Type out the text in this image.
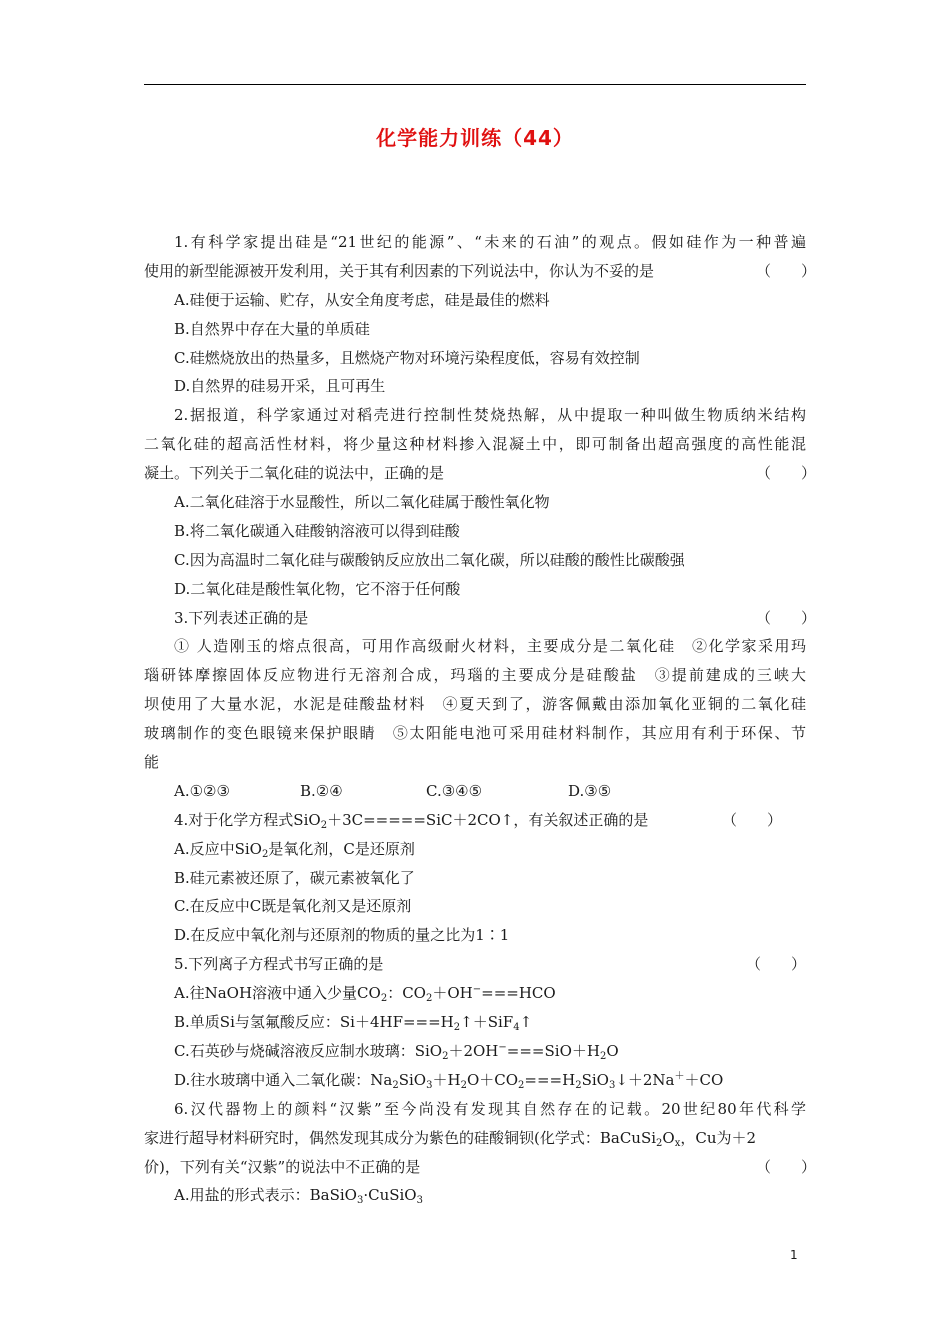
化学能力训练（44）
1.有科学家提出硅是“21世纪的能源”、“未来的石油”的观点。假如硅作为一种普遍
使用的新型能源被开发利用，关于其有利因素的下列说法中，你认为不妥的是	（　　）
A.硅便于运输、贮存，从安全角度考虑，硅是最佳的燃料
B.自然界中存在大量的单质硅
C.硅燃烧放出的热量多，且燃烧产物对环境污染程度低，容易有效控制
D.自然界的硅易开采，且可再生
2.据报道，科学家通过对稻壳进行控制性焚烧热解，从中提取一种叫做生物质纳米结构
二氧化硅的超高活性材料，将少量这种材料掺入混凝土中，即可制备出超高强度的高性能混
凝土。下列关于二氧化硅的说法中，正确的是	（　　）
A.二氧化硅溶于水显酸性，所以二氧化硅属于酸性氧化物
B.将二氧化碳通入硅酸钠溶液可以得到硅酸
C.因为高温时二氧化硅与碳酸钠反应放出二氧化碳，所以硅酸的酸性比碳酸强
D.二氧化硅是酸性氧化物，它不溶于任何酸
3.下列表述正确的是	（　　）
① 人造刚玉的熔点很高，可用作高级耐火材料，主要成分是二氧化硅　②化学家采用玛
瑙研钵摩擦固体反应物进行无溶剂合成，玛瑙的主要成分是硅酸盐　③提前建成的三峡大
坝使用了大量水泥，水泥是硅酸盐材料　④夏天到了，游客佩戴由添加氧化亚铜的二氧化硅
玻璃制作的变色眼镜来保护眼睛　⑤太阳能电池可采用硅材料制作，其应用有利于环保、节
能
A.①②③	B.②④	C.③④⑤	D.③⑤
4.对于化学方程式SiO$_2$＋3C=====SiC＋2CO↑，有关叙述正确的是	（　　）
A.反应中SiO$_2$是氧化剂，C是还原剂
B.硅元素被还原了，碳元素被氧化了
C.在反应中C既是氧化剂又是还原剂
D.在反应中氧化剂与还原剂的物质的量之比为1∶1
5.下列离子方程式书写正确的是	（　　）
A.往NaOH溶液中通入少量$CO_2$：$CO_2+OH^-===HCO$
B.单质Si与氢氟酸反应：$Si+4HF===H_2↑+SiF_4↑$
C.石英砂与烧碱溶液反应制水玻璃：$SiO_2+2OH^-===SiO+H_2O$
D.往水玻璃中通入二氧化碳：$Na_2SiO_3+H_2O+CO_2===H_2SiO_3↓+2Na^++CO$
6.汉代器物上的颜料“汉紫”至今尚没有发现其自然存在的记载。20世纪80年代科学
家进行超导材料研究时，偶然发现其成分为紫色的硅酸铜钡(化学式：$BaCuSi_2O_x$，Cu为＋2
价)，下列有关“汉紫”的说法中不正确的是	（　　）
A.用盐的形式表示：BaSiO$_3$·CuSiO$_3$
1
